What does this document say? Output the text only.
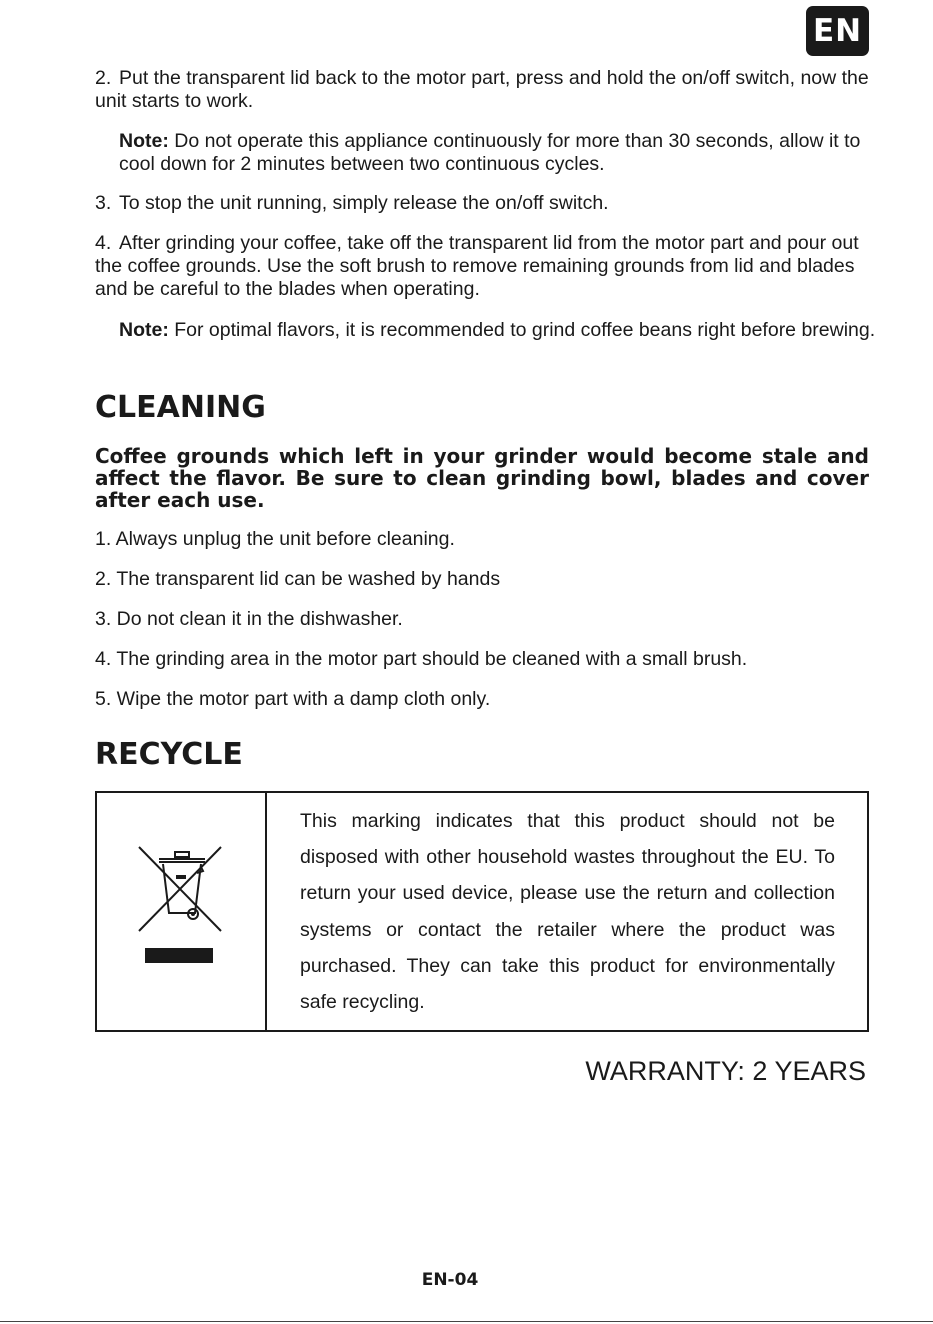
EN

2. Put the transparent lid back to the motor part, press and hold the on/off switch, now the unit starts to work.

Note: Do not operate this appliance continuously for more than 30 seconds, allow it to cool down for 2 minutes between two continuous cycles.

3. To stop the unit running, simply release the on/off switch.

4. After grinding your coffee, take off the transparent lid from the motor part and pour out the coffee grounds. Use the soft brush to remove remaining grounds from lid and blades and be careful to the blades when operating.

Note: For optimal flavors, it is recommended to grind coffee beans right before brewing.

CLEANING

Coffee grounds which left in your grinder would become stale and affect the flavor. Be sure to clean grinding bowl, blades and cover after each use.

1. Always unplug the unit before cleaning.

2. The transparent lid can be washed by hands

3. Do not clean it in the dishwasher.

4. The grinding area in the motor part should be cleaned with a small brush.

5. Wipe the motor part with a damp cloth only.

RECYCLE

This marking indicates that this product should not be disposed with other household wastes throughout the EU. To return your used device, please use the return and collection systems or contact the retailer where the product was purchased. They can take this product for environmentally safe recycling.

WARRANTY: 2 YEARS

EN-04
